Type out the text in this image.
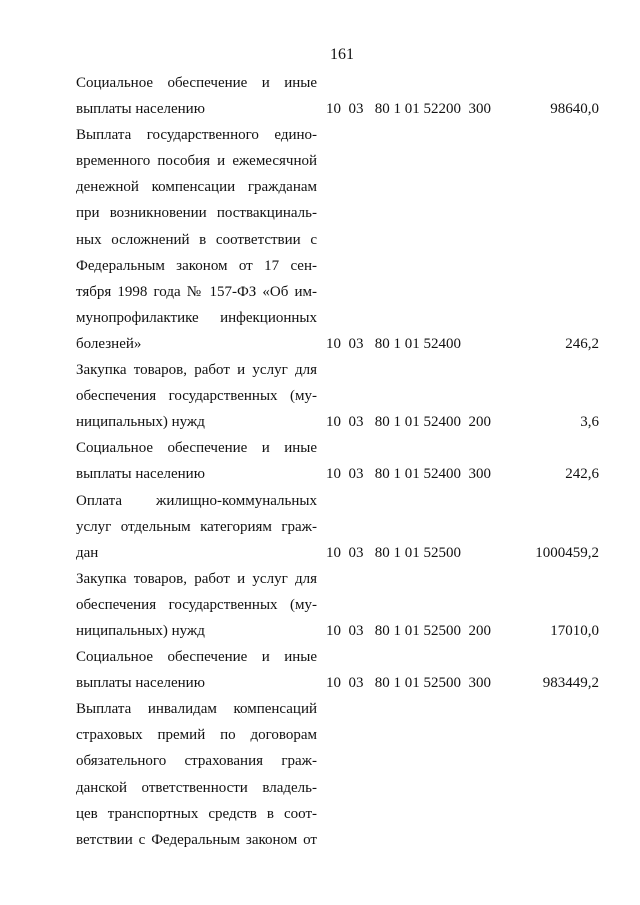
161
Социальное обеспечение и иные
выплаты населению	10  03   80 1 01 52200  300	98640,0
Выплата государственного едино-
временного пособия и ежемесячной
денежной компенсации гражданам
при возникновении поствакциналь-
ных осложнений в соответствии с
Федеральным законом от 17 сен-
тября 1998 года № 157-ФЗ «Об им-
мунопрофилактике инфекционных
болезней»	10  03   80 1 01 52400	246,2
Закупка товаров, работ и услуг для
обеспечения государственных (му-
ниципальных) нужд	10  03   80 1 01 52400  200	3,6
Социальное обеспечение и иные
выплаты населению	10  03   80 1 01 52400  300	242,6
Оплата жилищно-коммунальных
услуг отдельным категориям граж-
дан	10  03   80 1 01 52500	1000459,2
Закупка товаров, работ и услуг для
обеспечения государственных (му-
ниципальных) нужд	10  03   80 1 01 52500  200	17010,0
Социальное обеспечение и иные
выплаты населению	10  03   80 1 01 52500  300	983449,2
Выплата инвалидам компенсаций
страховых премий по договорам
обязательного страхования граж-
данской ответственности владель-
цев транспортных средств в соот-
ветствии с Федеральным законом от
